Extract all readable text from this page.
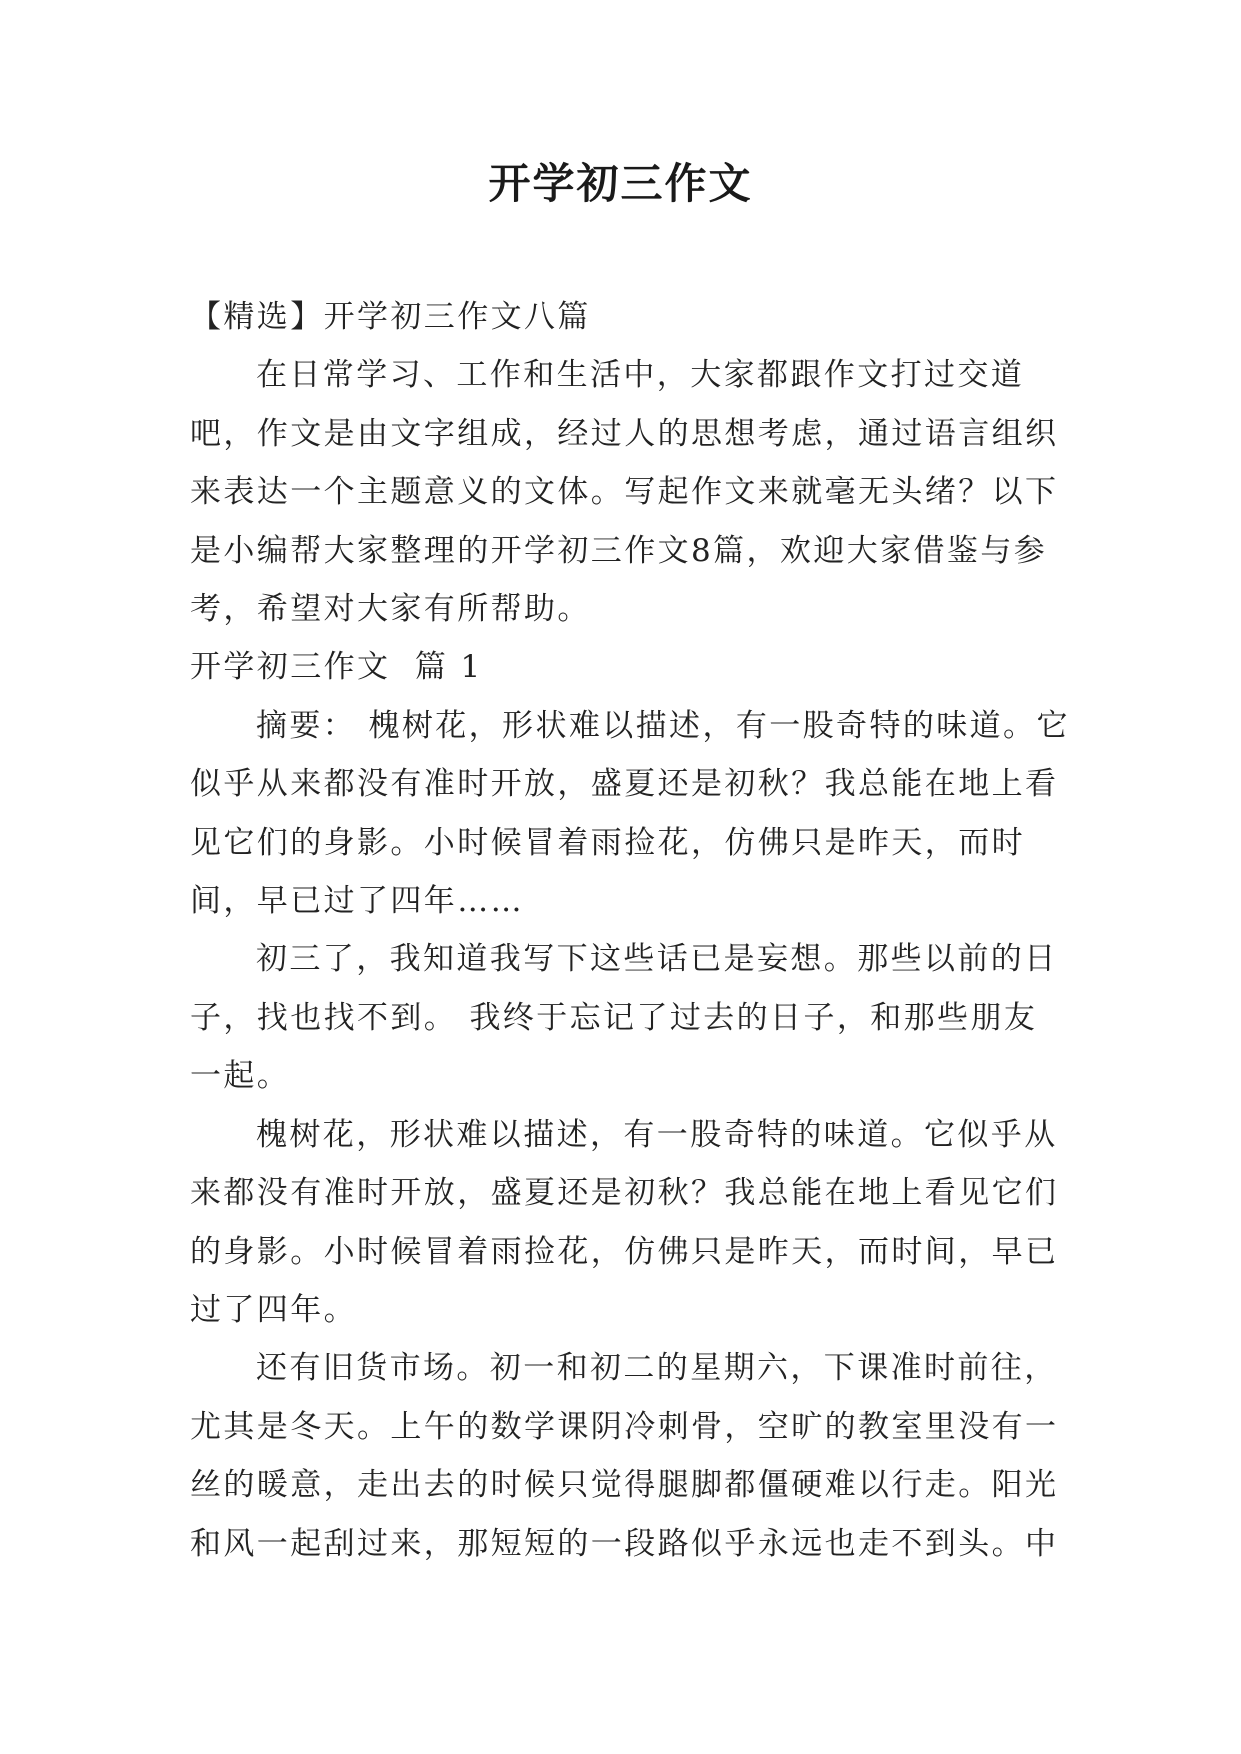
开学初三作文

【精选】开学初三作文八篇

在日常学习、工作和生活中，大家都跟作文打过交道吧，作文是由文字组成，经过人的思想考虑，通过语言组织来表达一个主题意义的文体。写起作文来就毫无头绪？以下是小编帮大家整理的开学初三作文8篇，欢迎大家借鉴与参考，希望对大家有所帮助。

开学初三作文  篇 1

摘要： 槐树花，形状难以描述，有一股奇特的味道。它似乎从来都没有准时开放，盛夏还是初秋？我总能在地上看见它们的身影。小时候冒着雨捡花，仿佛只是昨天，而时间，早已过了四年……

初三了，我知道我写下这些话已是妄想。那些以前的日子，找也找不到。 我终于忘记了过去的日子，和那些朋友一起。

槐树花，形状难以描述，有一股奇特的味道。它似乎从来都没有准时开放，盛夏还是初秋？我总能在地上看见它们的身影。小时候冒着雨捡花，仿佛只是昨天，而时间，早已过了四年。

还有旧货市场。初一和初二的星期六，下课准时前往，尤其是冬天。上午的数学课阴冷刺骨，空旷的教室里没有一丝的暖意，走出去的时候只觉得腿脚都僵硬难以行走。阳光和风一起刮过来，那短短的一段路似乎永远也走不到头。中
